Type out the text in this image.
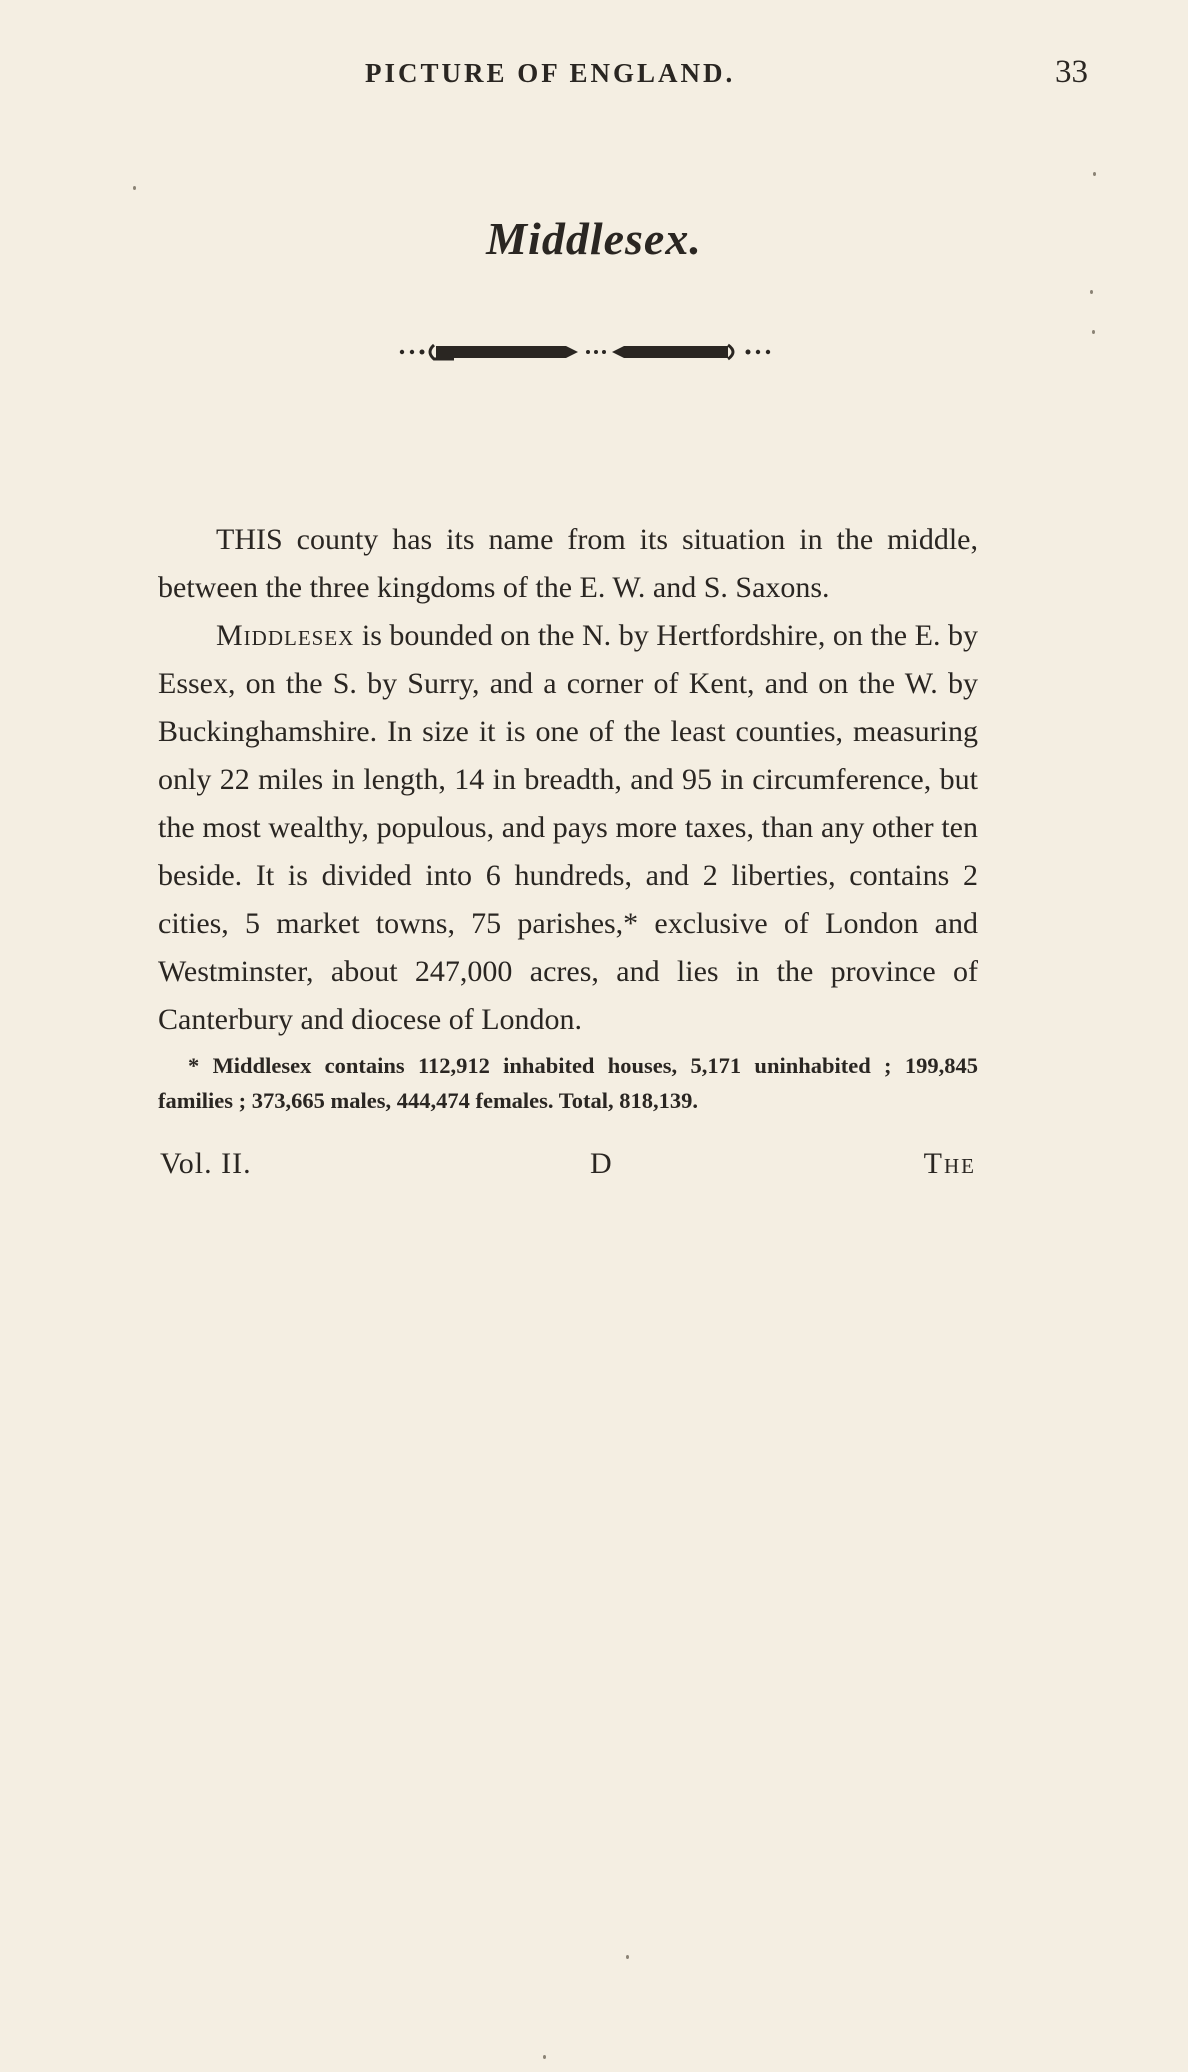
PICTURE OF ENGLAND.	33
Middlesex.

THIS county has its name from its situation in the middle, between the three kingdoms of the E. W. and S. Saxons.

Middlesex is bounded on the N. by Hertfordshire, on the E. by Essex, on the S. by Surry, and a corner of Kent, and on the W. by Buckinghamshire. In size it is one of the least counties, measuring only 22 miles in length, 14 in breadth, and 95 in circumference, but the most wealthy, populous, and pays more taxes, than any other ten beside. It is divided into 6 hundreds, and 2 liberties, contains 2 cities, 5 market towns, 75 parishes,* exclusive of London and Westminster, about 247,000 acres, and lies in the province of Canterbury and diocese of London.

* Middlesex contains 112,912 inhabited houses, 5,171 uninhabited ; 199,845 families ; 373,665 males, 444,474 females. Total, 818,139.

Vol. II.	D	The
